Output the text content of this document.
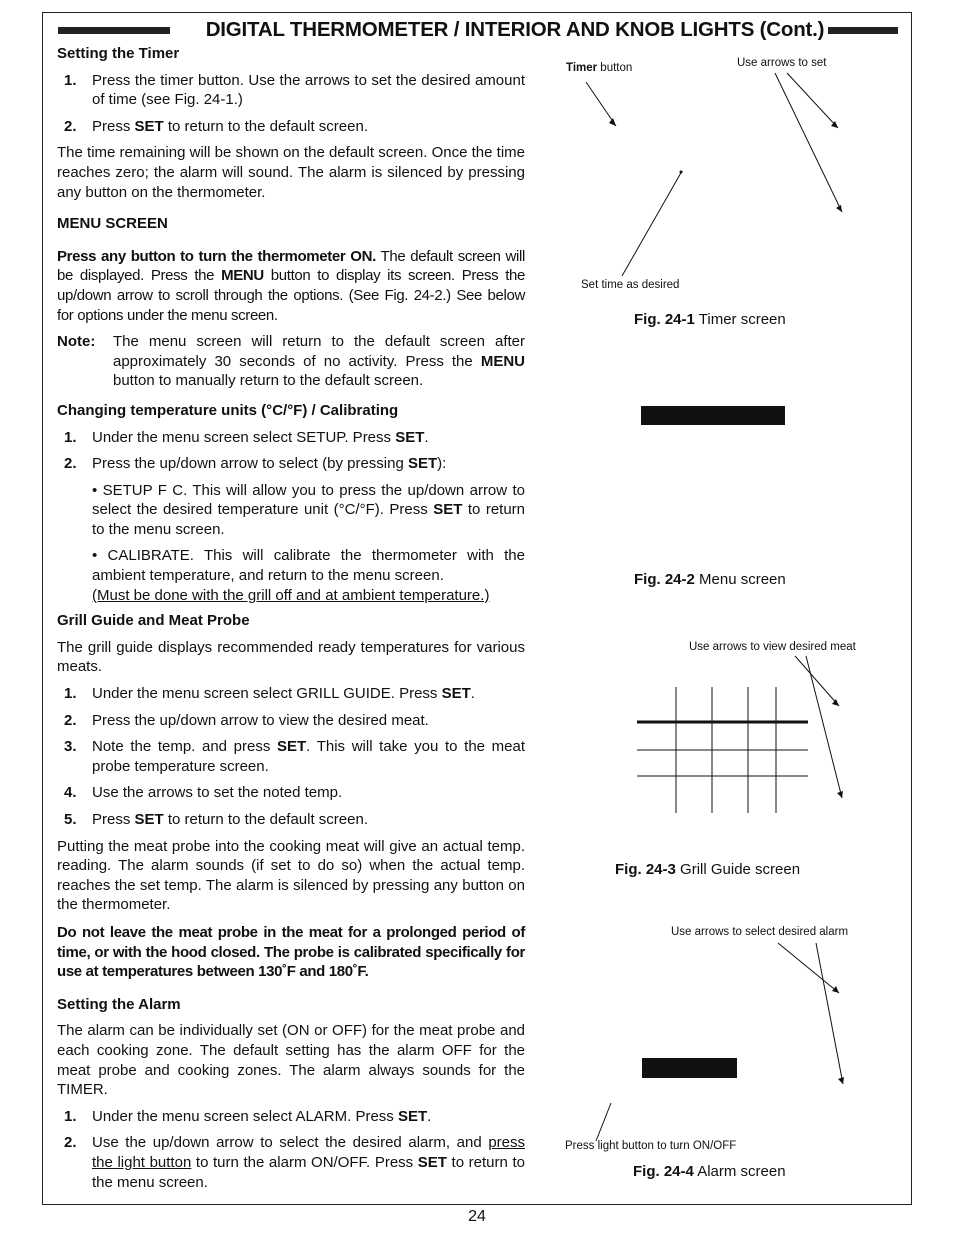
DIGITAL THERMOMETER / INTERIOR AND KNOB LIGHTS (Cont.)
Setting the Timer
1. Press the timer button. Use the arrows to set the desired amount of time (see Fig. 24-1.)
2. Press SET to return to the default screen.

The time remaining will be shown on the default screen. Once the time reaches zero; the alarm will sound. The alarm is silenced by pressing any button on the thermometer.

MENU SCREEN

Press any button to turn the thermometer ON. The default screen will be displayed. Press the MENU button to display its screen. Press the up/down arrow to scroll through the options. (See Fig. 24-2.) See below for options under the menu screen.

Note: The menu screen will return to the default screen after approximately 30 seconds of no activity. Press the MENU button to manually return to the default screen.
Changing temperature units (°C/°F) / Calibrating
1. Under the menu screen select SETUP. Press SET.
2. Press the up/down arrow to select (by pressing SET):

• SETUP F C. This will allow you to press the up/down arrow to select the desired temperature unit (°C/°F). Press SET to return to the menu screen.

• CALIBRATE. This will calibrate the thermometer with the ambient temperature, and return to the menu screen.
(Must be done with the grill off and at ambient temperature.)

Grill Guide and Meat Probe

The grill guide displays recommended ready temperatures for various meats.

1. Under the menu screen select GRILL GUIDE. Press SET.
2. Press the up/down arrow to view the desired meat.
3. Note the temp. and press SET. This will take you to the meat probe temperature screen.
4. Use the arrows to set the noted temp.
5. Press SET to return to the default screen.

Putting the meat probe into the cooking meat will give an actual temp. reading. The alarm sounds (if set to do so) when the actual temp. reaches the set temp. The alarm is silenced by pressing any button on the thermometer.

Do not leave the meat probe in the meat for a prolonged period of time, or with the hood closed. The probe is calibrated specifically for use at temperatures between 130˚F and 180˚F.

Setting the Alarm

The alarm can be individually set (ON or OFF) for the meat probe and each cooking zone. The default setting has the alarm OFF for the meat probe and cooking zones. The alarm always sounds for the TIMER.

1. Under the menu screen select ALARM. Press SET.
2. Use the up/down arrow to select the desired alarm, and press the light button to turn the alarm ON/OFF. Press SET to return to the menu screen.
Timer button	Use arrows to set
Set time as desired
Fig. 24-1 Timer screen
Fig. 24-2 Menu screen
Use arrows to view desired meat
Fig. 24-3 Grill Guide screen
Use arrows to select desired alarm
Press light button to turn ON/OFF
Fig. 24-4 Alarm screen
24
